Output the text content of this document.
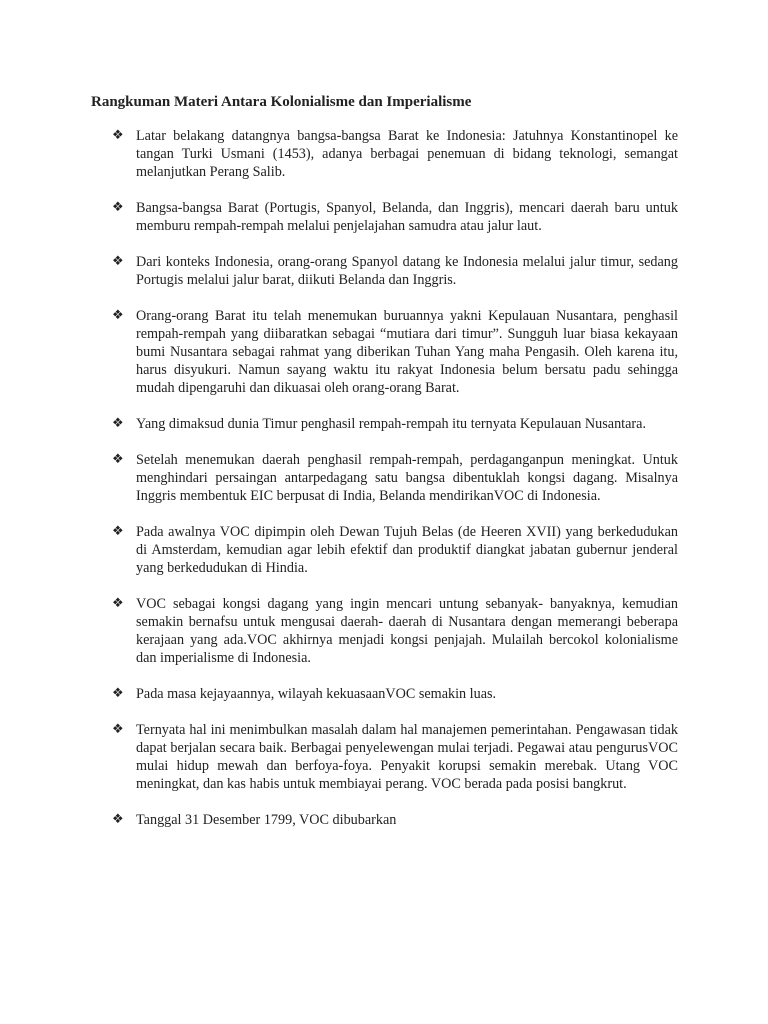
Rangkuman Materi Antara Kolonialisme dan Imperialisme
❖ Latar belakang datangnya bangsa-bangsa Barat ke Indonesia: Jatuhnya Konstantinopel ke tangan Turki Usmani (1453), adanya berbagai penemuan di bidang teknologi, semangat melanjutkan Perang Salib.
❖ Bangsa-bangsa Barat (Portugis, Spanyol, Belanda, dan Inggris), mencari daerah baru untuk memburu rempah-rempah melalui penjelajahan samudra atau jalur laut.
❖ Dari konteks Indonesia, orang-orang Spanyol datang ke Indonesia melalui jalur timur, sedang Portugis melalui jalur barat, diikuti Belanda dan Inggris.
❖ Orang-orang Barat itu telah menemukan buruannya yakni Kepulauan Nusantara, penghasil rempah-rempah yang diibaratkan sebagai “mutiara dari timur”. Sungguh luar biasa kekayaan bumi Nusantara sebagai rahmat yang diberikan Tuhan Yang maha Pengasih. Oleh karena itu, harus disyukuri. Namun sayang waktu itu rakyat Indonesia belum bersatu padu sehingga mudah dipengaruhi dan dikuasai oleh orang-orang Barat.
❖ Yang dimaksud dunia Timur penghasil rempah-rempah itu ternyata Kepulauan Nusantara.
❖ Setelah menemukan daerah penghasil rempah-rempah, perdaganganpun meningkat. Untuk menghindari persaingan antarpedagang satu bangsa dibentuklah kongsi dagang. Misalnya Inggris membentuk EIC berpusat di India, Belanda mendirikanVOC di Indonesia.
❖ Pada awalnya VOC dipimpin oleh Dewan Tujuh Belas (de Heeren XVII) yang berkedudukan di Amsterdam, kemudian agar lebih efektif dan produktif diangkat jabatan gubernur jenderal yang berkedudukan di Hindia.
❖ VOC sebagai kongsi dagang yang ingin mencari untung sebanyak- banyaknya, kemudian semakin bernafsu untuk mengusai daerah- daerah di Nusantara dengan memerangi beberapa kerajaan yang ada.VOC akhirnya menjadi kongsi penjajah. Mulailah bercokol kolonialisme dan imperialisme di Indonesia.
❖ Pada masa kejayaannya, wilayah kekuasaanVOC semakin luas.
❖ Ternyata hal ini menimbulkan masalah dalam hal manajemen pemerintahan. Pengawasan tidak dapat berjalan secara baik. Berbagai penyelewengan mulai terjadi. Pegawai atau pengurusVOC mulai hidup mewah dan berfoya-foya. Penyakit korupsi semakin merebak. Utang VOC meningkat, dan kas habis untuk membiayai perang. VOC berada pada posisi bangkrut.
❖ Tanggal 31 Desember 1799, VOC dibubarkan
